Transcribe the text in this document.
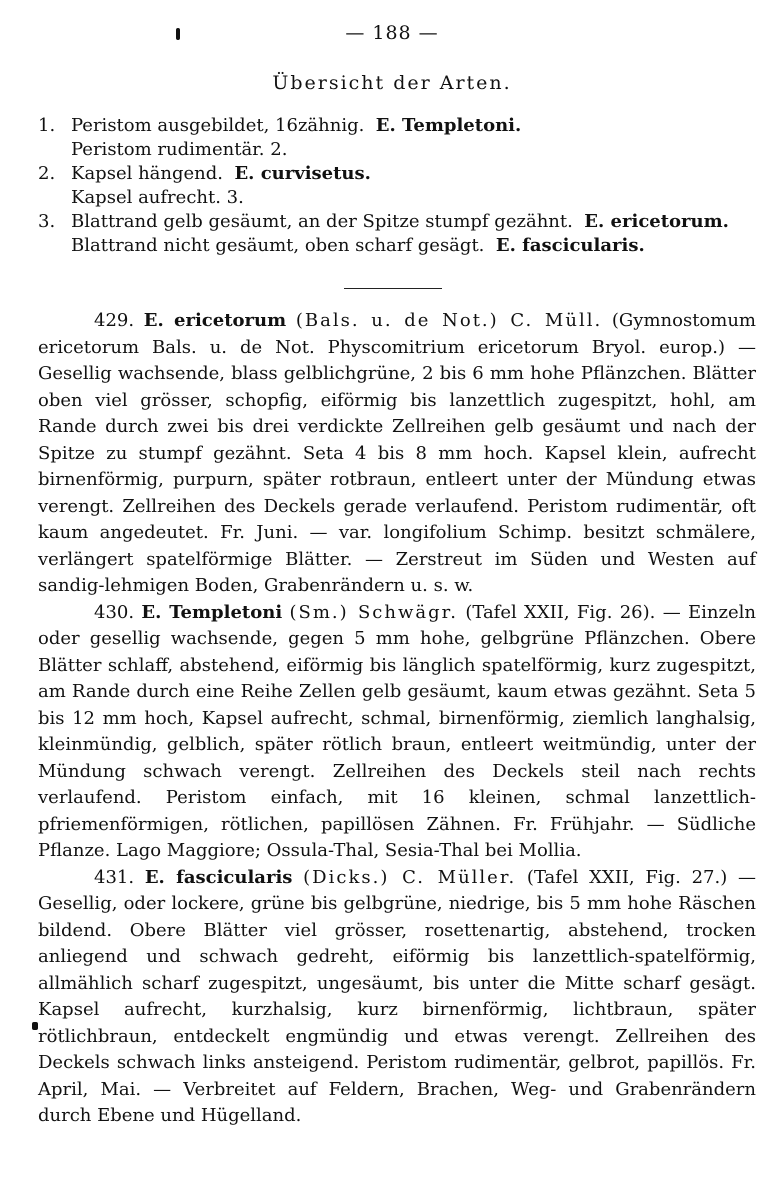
— 188 —
Übersicht der Arten.
1. Peristom ausgebildet, 16zähnig. E. Templetoni.
Peristom rudimentär. 2.
2. Kapsel hängend. E. curvisetus.
Kapsel aufrecht. 3.
3. Blattrand gelb gesäumt, an der Spitze stumpf gezähnt. E. ericetorum.
Blattrand nicht gesäumt, oben scharf gesägt. E. fascicularis.

429. E. ericetorum (Bals. u. de Not.) C. Müll. (Gymnostomum ericetorum Bals. u. de Not. Physcomitrium ericetorum Bryol. europ.) — Gesellig wachsende, blass gelblichgrüne, 2 bis 6 mm hohe Pflänzchen. Blätter oben viel grösser, schopfig, eiförmig bis lanzettlich zugespitzt, hohl, am Rande durch zwei bis drei verdickte Zellreihen gelb gesäumt und nach der Spitze zu stumpf gezähnt. Seta 4 bis 8 mm hoch. Kapsel klein, aufrecht birnenförmig, purpurn, später rotbraun, entleert unter der Mündung etwas verengt. Zellreihen des Deckels gerade verlaufend. Peristom rudimentär, oft kaum angedeutet. Fr. Juni. — var. longifolium Schimp. besitzt schmälere, verlängert spatelförmige Blätter. — Zerstreut im Süden und Westen auf sandig-lehmigen Boden, Grabenrändern u. s. w.

430. E. Templetoni (Sm.) Schwägr. (Tafel XXII, Fig. 26). — Einzeln oder gesellig wachsende, gegen 5 mm hohe, gelbgrüne Pflänzchen. Obere Blätter schlaff, abstehend, eiförmig bis länglich spatelförmig, kurz zugespitzt, am Rande durch eine Reihe Zellen gelb gesäumt, kaum etwas gezähnt. Seta 5 bis 12 mm hoch, Kapsel aufrecht, schmal, birnenförmig, ziemlich langhalsig, kleinmündig, gelblich, später rötlich braun, entleert weitmündig, unter der Mündung schwach verengt. Zellreihen des Deckels steil nach rechts verlaufend. Peristom einfach, mit 16 kleinen, schmal lanzettlich-pfriemenförmigen, rötlichen, papillösen Zähnen. Fr. Frühjahr. — Südliche Pflanze. Lago Maggiore; Ossula-Thal, Sesia-Thal bei Mollia.

431. E. fascicularis (Dicks.) C. Müller. (Tafel XXII, Fig. 27.) — Gesellig, oder lockere, grüne bis gelbgrüne, niedrige, bis 5 mm hohe Räschen bildend. Obere Blätter viel grösser, rosettenartig, abstehend, trocken anliegend und schwach gedreht, eiförmig bis lanzettlich-spatelförmig, allmählich scharf zugespitzt, ungesäumt, bis unter die Mitte scharf gesägt. Kapsel aufrecht, kurzhalsig, kurz birnenförmig, lichtbraun, später rötlichbraun, entdeckelt engmündig und etwas verengt. Zellreihen des Deckels schwach links ansteigend. Peristom rudimentär, gelbrot, papillös. Fr. April, Mai. — Verbreitet auf Feldern, Brachen, Weg- und Grabenrändern durch Ebene und Hügelland.
